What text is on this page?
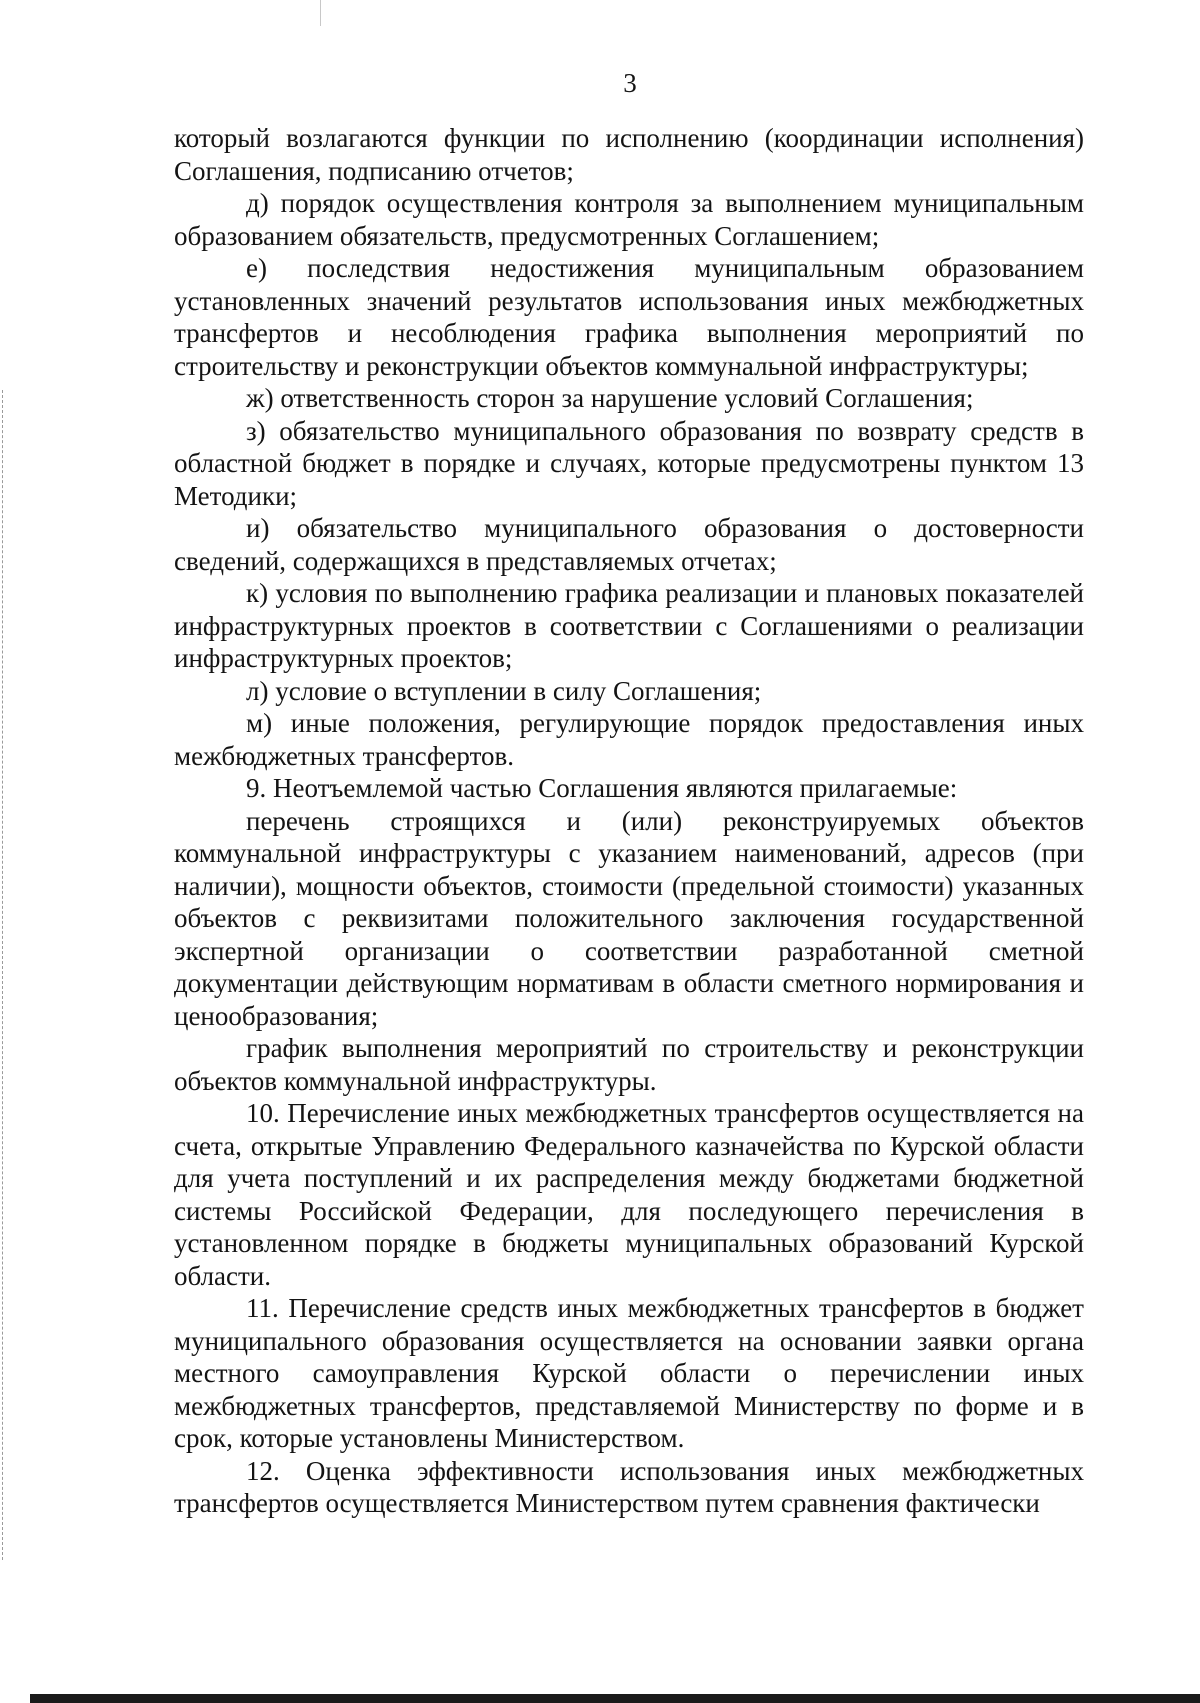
3

который возлагаются функции по исполнению (координации исполнения) Соглашения, подписанию отчетов;

д) порядок осуществления контроля за выполнением муниципальным образованием обязательств, предусмотренных Соглашением;

е) последствия недостижения муниципальным образованием установленных значений результатов использования иных межбюджетных трансфертов и несоблюдения графика выполнения мероприятий по строительству и реконструкции объектов коммунальной инфраструктуры;

ж) ответственность сторон за нарушение условий Соглашения;

з) обязательство муниципального образования по возврату средств в областной бюджет в порядке и случаях, которые предусмотрены пунктом 13 Методики;

и) обязательство муниципального образования о достоверности сведений, содержащихся в представляемых отчетах;

к) условия по выполнению графика реализации и плановых показателей инфраструктурных проектов в соответствии с Соглашениями о реализации инфраструктурных проектов;

л) условие о вступлении в силу Соглашения;

м) иные положения, регулирующие порядок предоставления иных межбюджетных трансфертов.

9. Неотъемлемой частью Соглашения являются прилагаемые:

перечень строящихся и (или) реконструируемых объектов коммунальной инфраструктуры с указанием наименований, адресов (при наличии), мощности объектов, стоимости (предельной стоимости) указанных объектов с реквизитами положительного заключения государственной экспертной организации о соответствии разработанной сметной документации действующим нормативам в области сметного нормирования и ценообразования;

график выполнения мероприятий по строительству и реконструкции объектов коммунальной инфраструктуры.

10. Перечисление иных межбюджетных трансфертов осуществляется на счета, открытые Управлению Федерального казначейства по Курской области для учета поступлений и их распределения между бюджетами бюджетной системы Российской Федерации, для последующего перечисления в установленном порядке в бюджеты муниципальных образований Курской области.

11. Перечисление средств иных межбюджетных трансфертов в бюджет муниципального образования осуществляется на основании заявки органа местного самоуправления Курской области о перечислении иных межбюджетных трансфертов, представляемой Министерству по форме и в срок, которые установлены Министерством.

12. Оценка эффективности использования иных межбюджетных трансфертов осуществляется Министерством путем сравнения фактически
